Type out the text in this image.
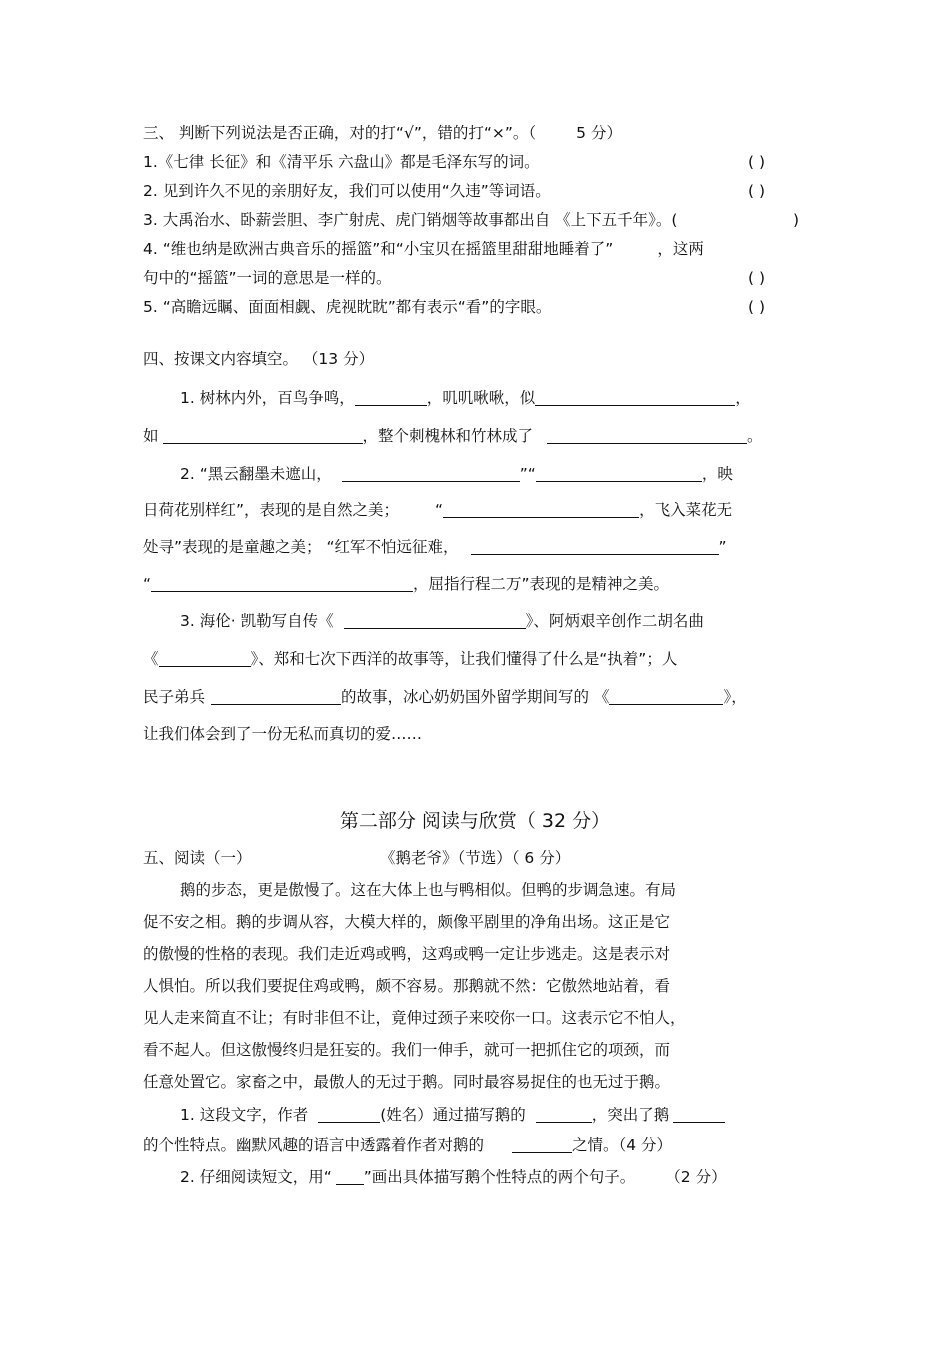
三、 判断下列说法是否正确，对的打“√”，错的打“×”。（	5 分）
1.《七律 长征》和《清平乐 六盘山》都是毛泽东写的词。	( )
2. 见到许久不见的亲朋好友，我们可以使用“久违”等词语。	( )
3. 大禹治水、卧薪尝胆、李广射虎、虎门销烟等故事都出自 《上下五千年》。(	)
4. “维也纳是欧洲古典音乐的摇篮”和“小宝贝在摇篮里甜甜地睡着了”	，这两
句中的“摇篮”一词的意思是一样的。	( )
5. “高瞻远瞩、面面相觑、虎视眈眈”都有表示“看”的字眼。	( )
四、按课文内容填空。 （13 分）
1. 树林内外，百鸟争鸣，	，叽叽啾啾，似	，
如	，整个刺槐林和竹林成了	。
2. “黑云翻墨未遮山，	”“	，映
日荷花别样红”，表现的是自然之美； “	，飞入菜花无
处寻”表现的是童趣之美； “红军不怕远征难，	”
“	，屈指行程二万”表现的是精神之美。
3. 海伦· 凯勒写自传《	》、阿炳艰辛创作二胡名曲
《	》、郑和七次下西洋的故事等，让我们懂得了什么是“执着”；人
民子弟兵	的故事，冰心奶奶国外留学期间写的 《	》，
让我们体会到了一份无私而真切的爱……
第二部分 阅读与欣赏（ 32 分）
五、阅读（一）	《鹅老爷》（节选）（ 6 分）
鹅的步态，更是傲慢了。这在大体上也与鸭相似。但鸭的步调急速。有局
促不安之相。鹅的步调从容，大模大样的，颇像平剧里的净角出场。这正是它
的傲慢的性格的表现。我们走近鸡或鸭，这鸡或鸭一定让步逃走。这是表示对
人惧怕。所以我们要捉住鸡或鸭，颇不容易。那鹅就不然：它傲然地站着，看
见人走来简直不让；有时非但不让，竟伸过颈子来咬你一口。这表示它不怕人，
看不起人。但这傲慢终归是狂妄的。我们一伸手，就可一把抓住它的项颈，而
任意处置它。家畜之中，最傲人的无过于鹅。同时最容易捉住的也无过于鹅。
1. 这段文字，作者	(姓名）通过描写鹅的	，突出了鹅
的个性特点。幽默风趣的语言中透露着作者对鹅的	之情。（4 分）
2. 仔细阅读短文，用“ ”画出具体描写鹅个性特点的两个句子。 （2 分）
